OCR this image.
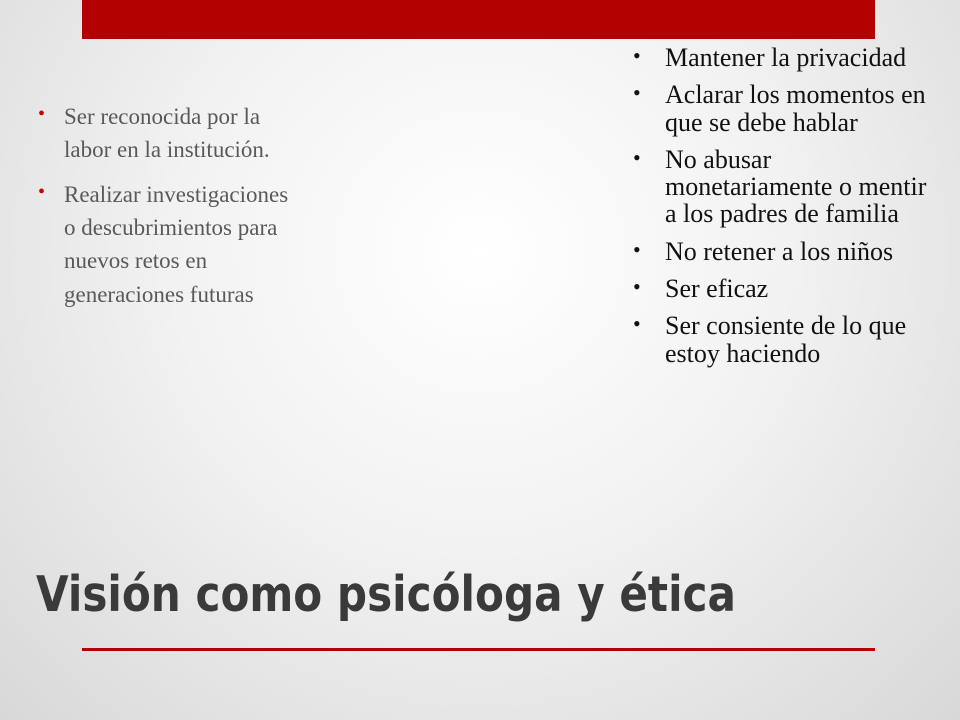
• Ser reconocida por la labor en la institución.
• Realizar investigaciones o descubrimientos para nuevos retos en generaciones futuras
• Mantener la privacidad
• Aclarar los momentos en que se debe hablar
• No abusar monetariamente o mentir a los padres de familia
• No retener a los niños
• Ser eficaz
• Ser consiente de lo que estoy haciendo
Visión como psicóloga y ética
